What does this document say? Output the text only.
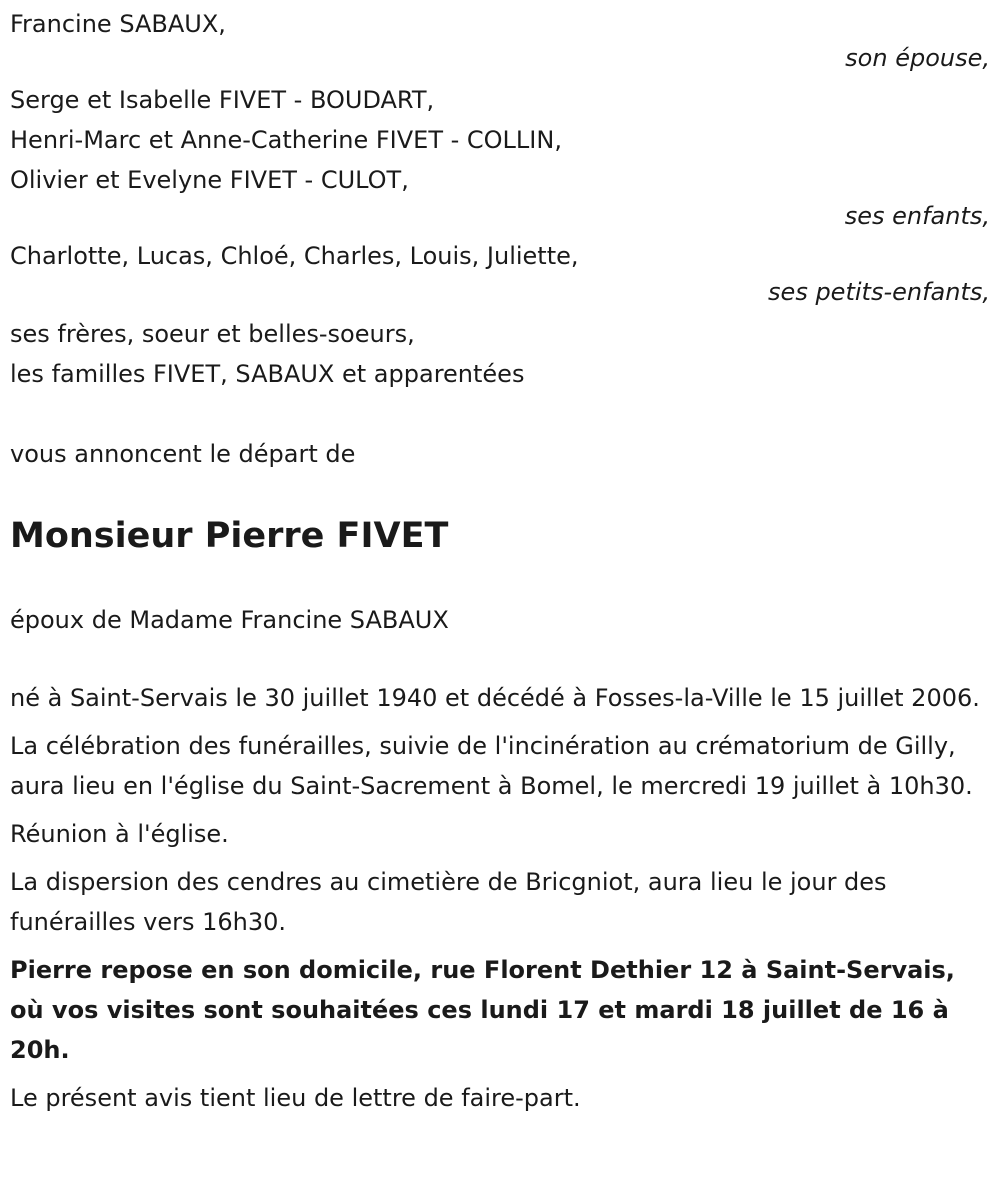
Francine SABAUX,
son épouse,
Serge et Isabelle FIVET - BOUDART,
Henri-Marc et Anne-Catherine FIVET - COLLIN,
Olivier et Evelyne FIVET - CULOT,
ses enfants,
Charlotte, Lucas, Chloé, Charles, Louis, Juliette,
ses petits-enfants,
ses frères, soeur et belles-soeurs,
les familles FIVET, SABAUX et apparentées
vous annoncent le départ de
Monsieur Pierre FIVET
époux de Madame Francine SABAUX
né à Saint-Servais le 30 juillet 1940 et décédé à Fosses-la-Ville le 15 juillet 2006.
La célébration des funérailles, suivie de l'incinération au crématorium de Gilly, aura lieu en l'église du Saint-Sacrement à Bomel, le mercredi 19 juillet à 10h30.
Réunion à l'église.
La dispersion des cendres au cimetière de Bricgniot, aura lieu le jour des funérailles vers 16h30.
Pierre repose en son domicile, rue Florent Dethier 12 à Saint-Servais, où vos visites sont souhaitées ces lundi 17 et mardi 18 juillet de 16 à 20h.
Le présent avis tient lieu de lettre de faire-part.
